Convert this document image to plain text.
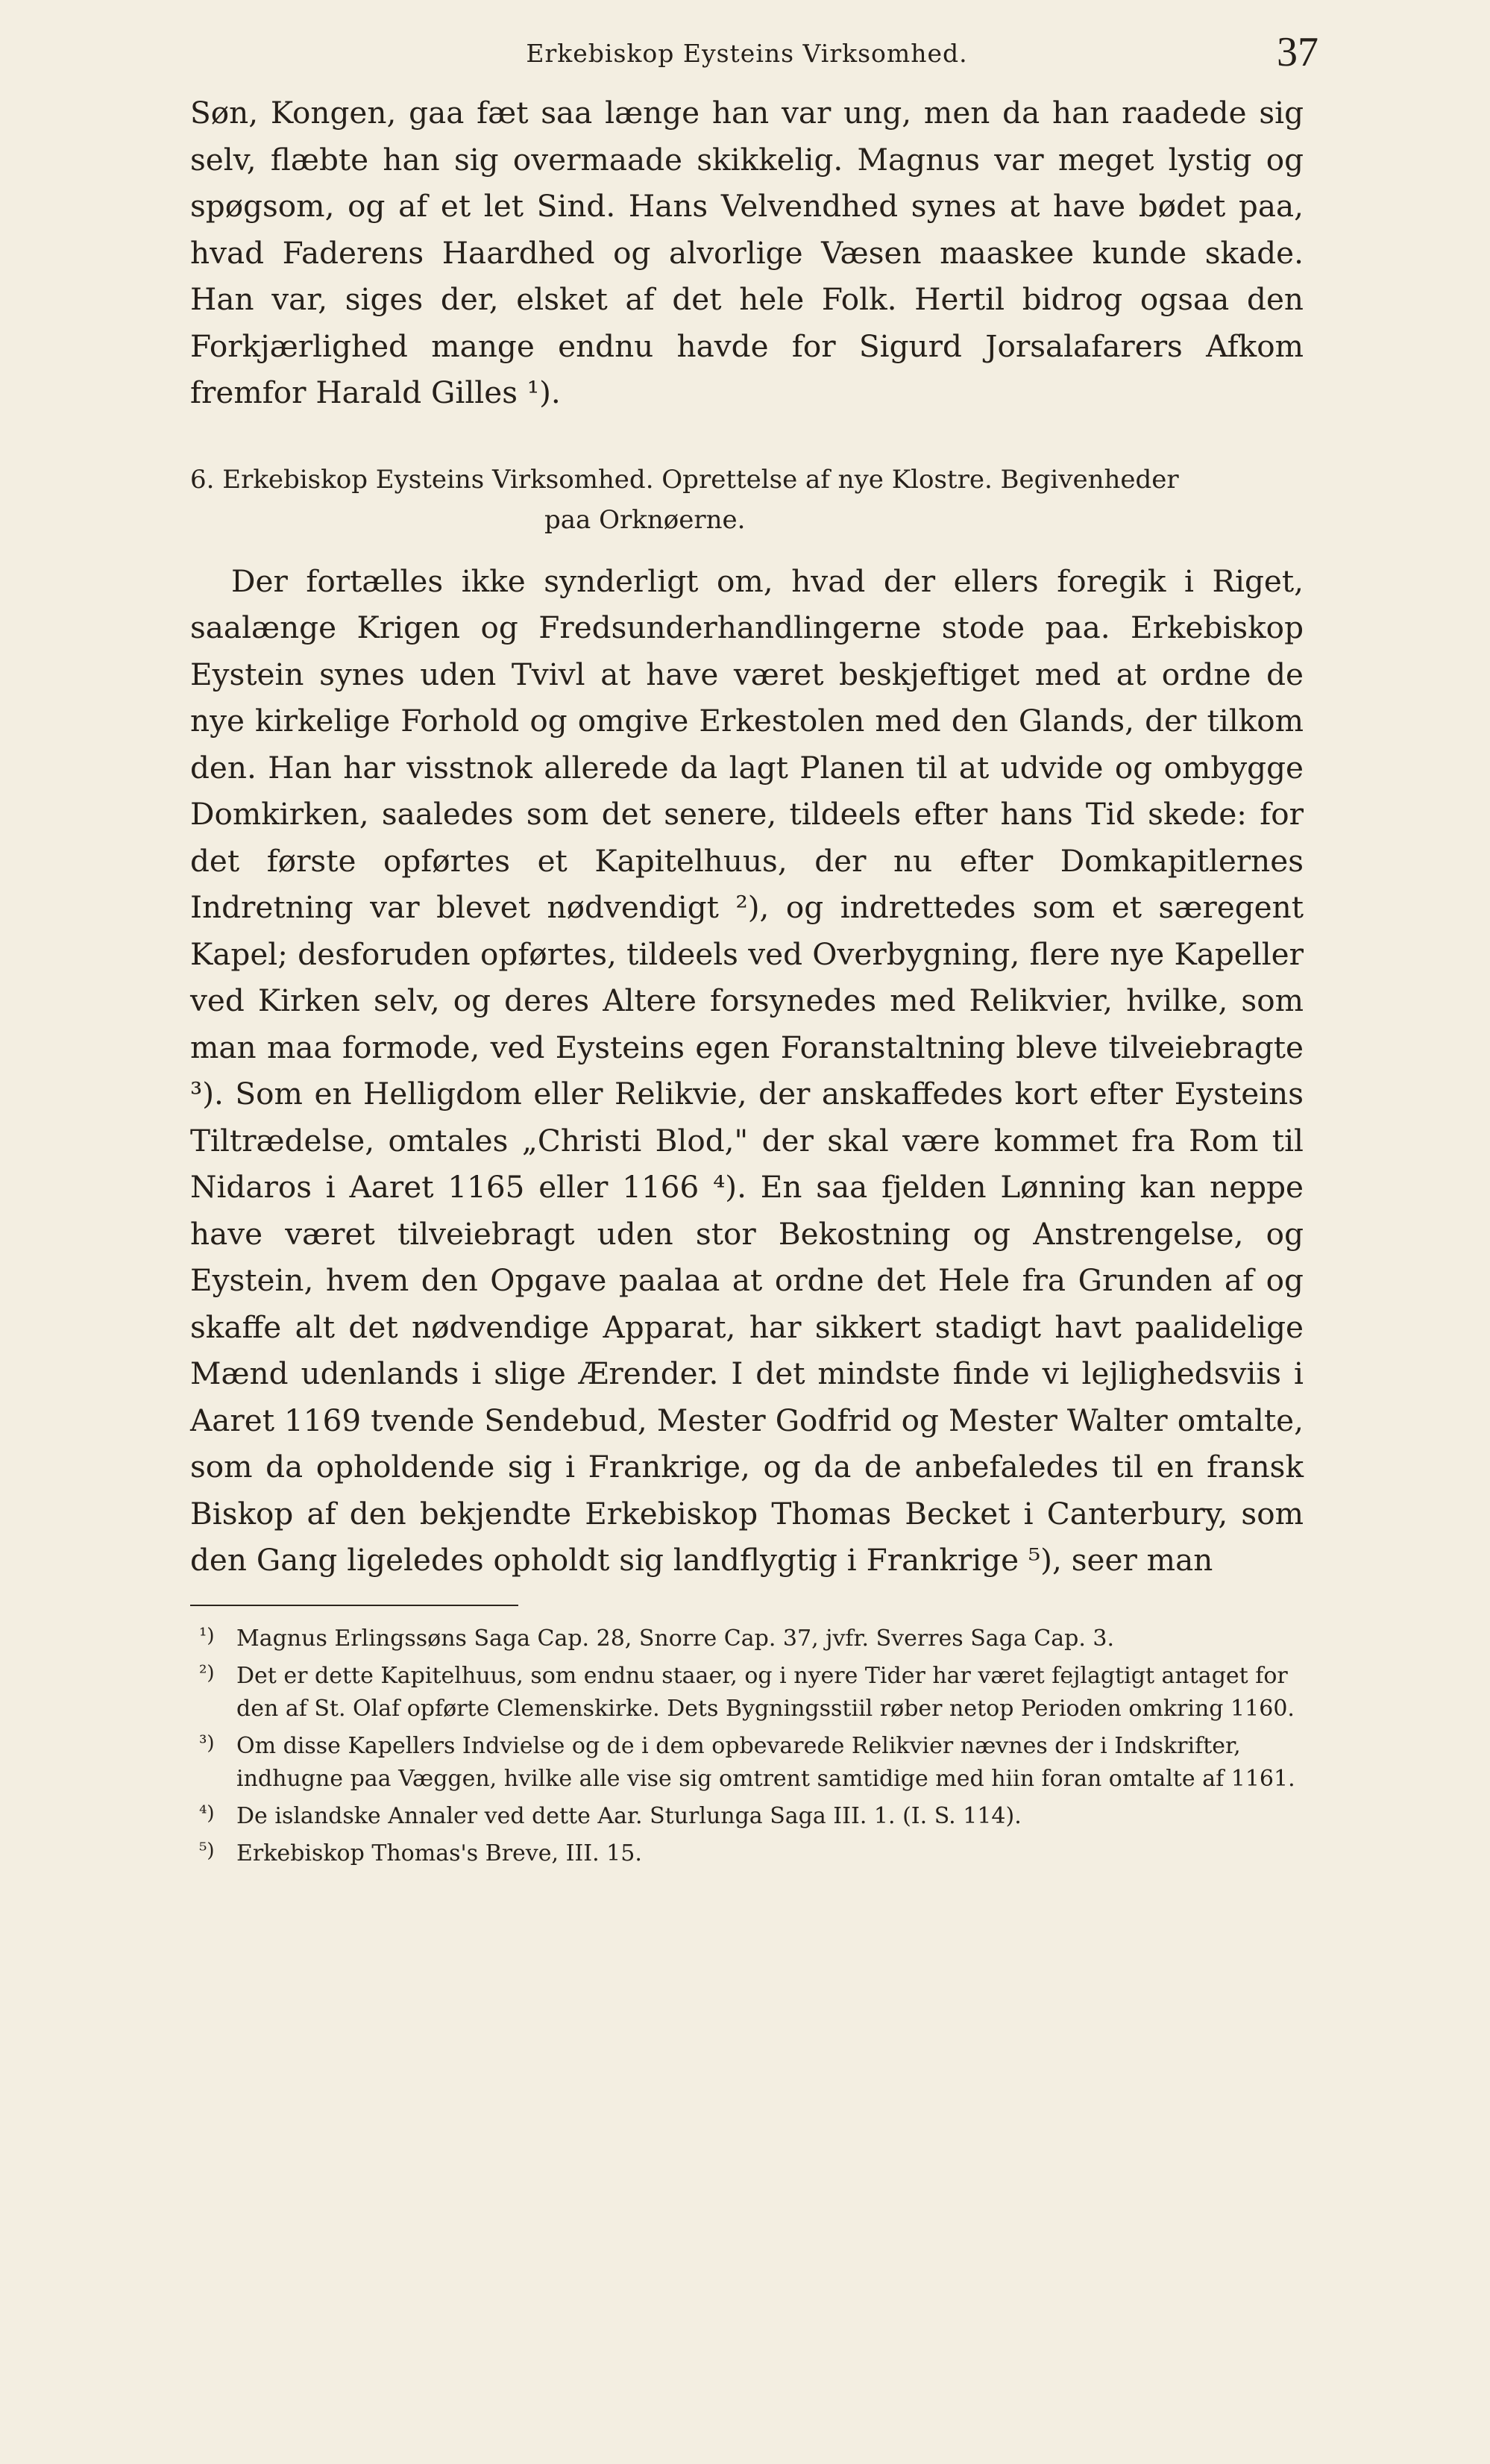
Erkebiskop Eysteins Virksomhed.	37

Søn, Kongen, gaa fæt saa længe han var ung, men da han raadede sig selv, flæbte han sig overmaade skikkelig. Magnus var meget lystig og spøgsom, og af et let Sind. Hans Velvendhed synes at have bødet paa, hvad Faderens Haardhed og alvorlige Væsen maaskee kunde skade. Han var, siges der, elsket af det hele Folk. Hertil bidrog ogsaa den Forkjærlighed mange endnu havde for Sigurd Jorsalafarers Afkom fremfor Harald Gilles ¹).

6. Erkebiskop Eysteins Virksomhed. Oprettelse af nye Klostre. Begivenheder
paa Orknøerne.

Der fortælles ikke synderligt om, hvad der ellers foregik i Riget, saalænge Krigen og Fredsunderhandlingerne stode paa. Erkebiskop Eystein synes uden Tvivl at have været beskjeftiget med at ordne de nye kirkelige Forhold og omgive Erkestolen med den Glands, der tilkom den. Han har visstnok allerede da lagt Planen til at udvide og ombygge Domkirken, saaledes som det senere, tildeels efter hans Tid skede: for det første opførtes et Kapitelhuus, der nu efter Domkapitlernes Indretning var blevet nødvendigt ²), og indrettedes som et særegent Kapel; desforuden opførtes, tildeels ved Overbygning, flere nye Kapeller ved Kirken selv, og deres Altere forsynedes med Relikvier, hvilke, som man maa formode, ved Eysteins egen Foranstaltning bleve tilveiebragte ³). Som en Helligdom eller Relikvie, der anskaffedes kort efter Eysteins Tiltrædelse, omtales „Christi Blod," der skal være kommet fra Rom til Nidaros i Aaret 1165 eller 1166 ⁴). En saa fjelden Lønning kan neppe have været tilveiebragt uden stor Bekostning og Anstrengelse, og Eystein, hvem den Opgave paalaa at ordne det Hele fra Grunden af og skaffe alt det nødvendige Apparat, har sikkert stadigt havt paalidelige Mænd udenlands i slige Ærender. I det mindste finde vi lejlighedsviis i Aaret 1169 tvende Sendebud, Mester Godfrid og Mester Walter omtalte, som da opholdende sig i Frankrige, og da de anbefaledes til en fransk Biskop af den bekjendte Erkebiskop Thomas Becket i Canterbury, som den Gang ligeledes opholdt sig landflygtig i Frankrige ⁵), seer man

¹) Magnus Erlingssøns Saga Cap. 28, Snorre Cap. 37, jvfr. Sverres Saga Cap. 3.
²) Det er dette Kapitelhuus, som endnu staaer, og i nyere Tider har været fejlagtigt antaget for den af St. Olaf opførte Clemenskirke. Dets Bygningsstiil røber netop Perioden omkring 1160.
³) Om disse Kapellers Indvielse og de i dem opbevarede Relikvier nævnes der i Indskrifter, indhugne paa Væggen, hvilke alle vise sig omtrent samtidige med hiin foran omtalte af 1161.
⁴) De islandske Annaler ved dette Aar. Sturlunga Saga III. 1. (I. S. 114).
⁵) Erkebiskop Thomas's Breve, III. 15.
